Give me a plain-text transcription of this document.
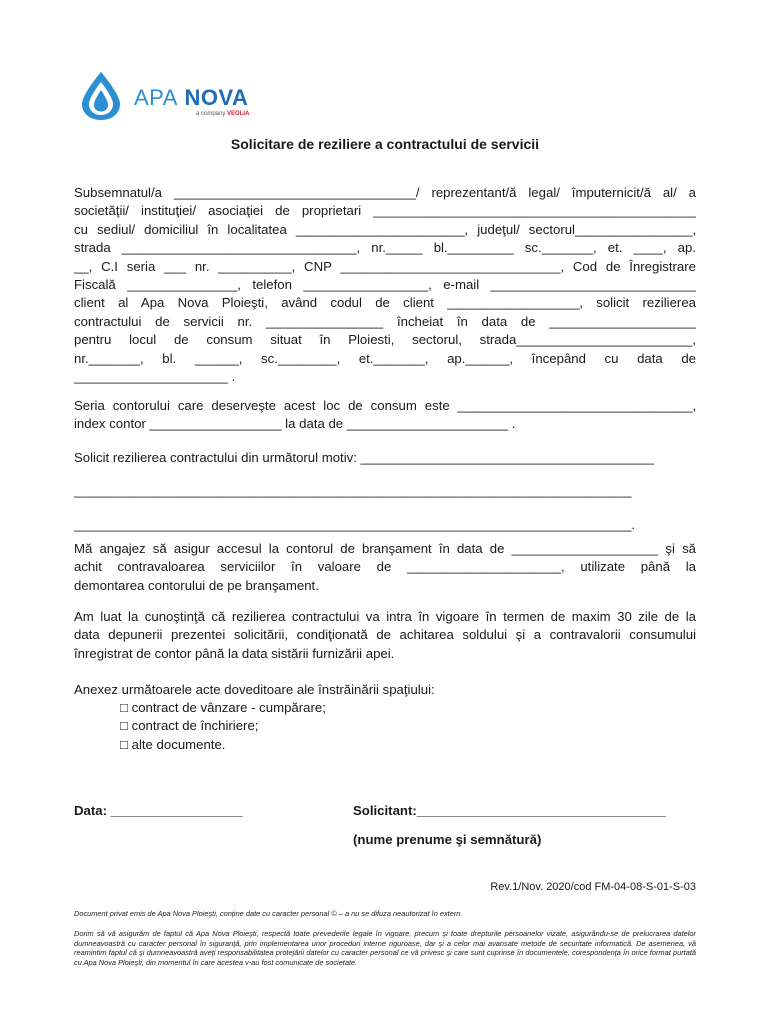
APA NOVA
a company VEOLIA
Solicitare de reziliere a contractului de servicii

Subsemnatul/a _________________________________/ reprezentant/ă legal/ împuternicit/ă al/ a

societăţii/ instituţiei/ asociaţiei de proprietari ____________________________________________

cu sediul/ domiciliul în localitatea _______________________, judeţul/ sectorul________________,

strada ________________________________, nr._____ bl._________ sc._______, et. ____, ap.

__, C.I seria ___ nr. __________, CNP ______________________________, Cod de Înregistrare

Fiscală _______________, telefon _________________, e-mail ____________________________

client al Apa Nova Ploieşti, având codul de client __________________, solicit rezilierea

contractului de servicii nr. ________________ încheiat în data de ____________________

pentru locul de consum situat în Ploiesti, sectorul, strada________________________,

nr._______, bl. ______, sc.________, et._______, ap.______, începând cu data de

_____________________ .

Seria contorului care deserveşte acest loc de consum este ________________________________,

index contor __________________ la data de ______________________ .

Solicit rezilierea contractului din următorul motiv: ________________________________________

____________________________________________________________________________

____________________________________________________________________________.

Mă angajez să asigur accesul la contorul de branşament în data de ____________________ şi să

achit contravaloarea serviciilor în valoare de _____________________, utilizate până la

demontarea contorului de pe branşament.

Am luat la cunoştinţă că rezilierea contractului va intra în vigoare în termen de maxim 30 zile de la

data depunerii prezentei solicitării, condiţionată de achitarea soldului şi a contravalorii consumului

înregistrat de contor până la data sistării furnizării apei.

Anexez următoarele acte doveditoare ale înstrăinării spaţiului:

□ contract de vânzare - cumpărare;
□ contract de închiriere;
□ alte documente.
Data: __________________	Solicitant:__________________________________
(nume prenume şi semnătură)
Rev.1/Nov. 2020/cod FM-04-08-S-01-S-03

Document privat emis de Apa Nova Ploieşti, conţine date cu caracter personal © – a nu se difuza neautorizat în extern.

Dorim să vă asigurăm de faptul că Apa Nova Ploieşti, respectă toate prevederile legale în vigoare, precum şi toate drepturile persoanelor vizate, asigurându-se de prelucrarea datelor dumneavoastră cu caracter personal în siguranţă, prin implementarea unor proceduri interne riguroase, dar şi a celor mai avansate metode de securitate informatică. De asemenea, vă reamintim faptul că şi dumneavoastră aveţi responsabilitatea protejării datelor cu caracter personal ce vă privesc şi care sunt cuprinse în documentele, corespondenţa în orice format purtată cu Apa Nova Ploieşti, din momentul în care acestea v-au fost comunicate de societate.
